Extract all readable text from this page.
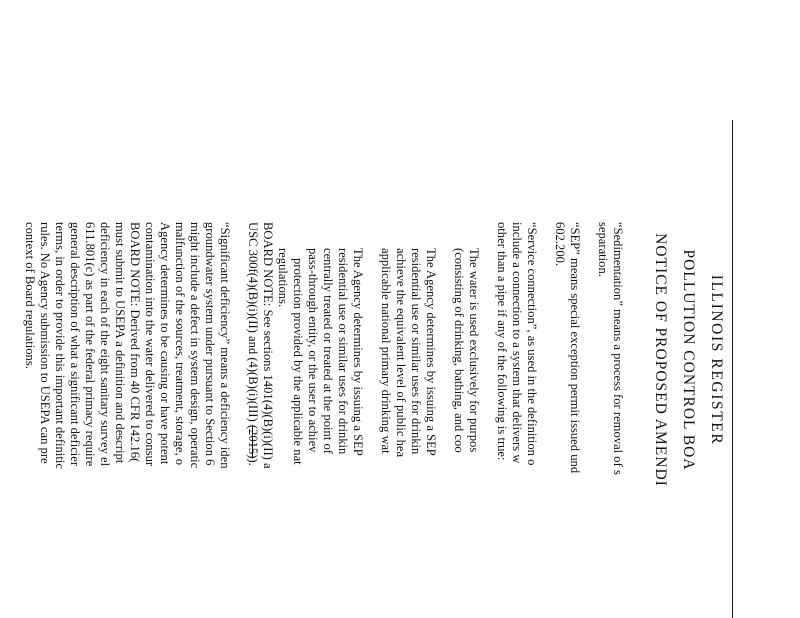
ILLINOIS REGISTER
POLLUTION CONTROL BOA
NOTICE OF PROPOSED AMENDI
“Sedimentation” means a process for removal of s
separation.
“SEP” means special exception permit issued und
602.200.
“Service connection”, as used in the definition o
include a connection to a system that delivers w
other than a pipe if any of the following is true:
The water is used exclusively for purpos
(consisting of drinking, bathing, and coo
The Agency determines by issuing a SEP
residential use or similar uses for drinkin
achieve the equivalent level of public hea
applicable national primary drinking wat
The Agency determines by issuing a SEP
residential use or similar uses for drinkin
centrally treated or treated at the point of
pass-through entity, or the user to achiev
protection provided by the applicable nat
regulations.
BOARD NOTE: See sections 1401(4)(B)(i)(II) a
USC 300f(4)(B)(i)(II) and (4)(B)(i)(III) (2015)).
“Significant deficiency” means a deficiency iden
groundwater system under pursuant to Section 6
might include a defect in system design, operatic
malfunction of the sources, treatment, storage, o
Agency determines to be causing or have potent
contamination into the water delivered to consur
BOARD NOTE: Derived from 40 CFR 142.16(
must submit to USEPA a definition and descript
deficiency in each of the eight sanitary survey el
611.801(c) as part of the federal primacy require
general description of what a significant deficier
terms, in order to provide this important definitic
rules. No Agency submission to USEPA can pre
context of Board regulations.
